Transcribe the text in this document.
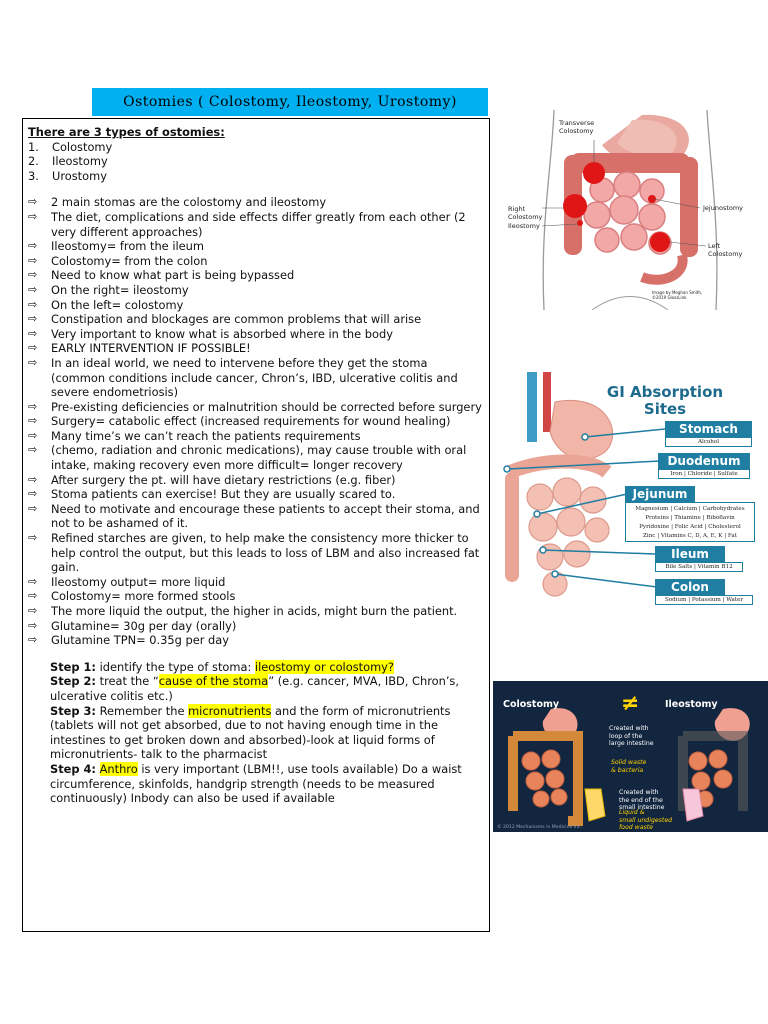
Ostomies ( Colostomy, Ileostomy, Urostomy)
There are 3 types of ostomies:
1.	Colostomy
2.	Ileostomy
3.	Urostomy
⇨	2 main stomas are the colostomy and ileostomy
⇨	The diet, complications and side effects differ greatly from each other (2 very different approaches)
⇨	Ileostomy= from the ileum
⇨	Colostomy= from the colon
⇨	Need to know what part is being bypassed
⇨	On the right= ileostomy
⇨	On the left= colostomy
⇨	Constipation and blockages are common problems that will arise
⇨	Very important to know what is absorbed where in the body
⇨	EARLY INTERVENTION IF POSSIBLE!
⇨	In an ideal world, we need to intervene before they get the stoma (common conditions include cancer, Chron’s, IBD, ulcerative colitis and severe endometriosis)
⇨	Pre-existing deficiencies or malnutrition should be corrected before surgery
⇨	Surgery= catabolic effect (increased requirements for wound healing)
⇨	Many time’s we can’t reach the patients requirements
⇨	(chemo, radiation and chronic medications), may cause trouble with oral intake, making recovery even more difficult= longer recovery
⇨	After surgery the pt. will have dietary restrictions (e.g. fiber)
⇨	Stoma patients can exercise! But they are usually scared to.
⇨	Need to motivate and encourage these patients to accept their stoma, and not to be ashamed of it.
⇨	Refined starches are given, to help make the consistency more thicker to help control the output, but this leads to loss of LBM and also increased fat gain.
⇨	Ileostomy output= more liquid
⇨	Colostomy= more formed stools
⇨	The more liquid the output, the higher in acids, might burn the patient.
⇨	Glutamine= 30g per day (orally)
⇨	Glutamine TPN= 0.35g per day
Step 1: identify the type of stoma: ileostomy or colostomy?
Step 2: treat the “cause of the stoma” (e.g. cancer, MVA, IBD, Chron’s, ulcerative colitis etc.)
Step 3: Remember the micronutrients and the form of micronutrients (tablets will not get absorbed, due to not having enough time in the intestines to get broken down and absorbed)-look at liquid forms of micronutrients- talk to the pharmacist
Step 4: Anthro is very important (LBM!!, use tools available) Do a waist circumference, skinfolds, handgrip strength (needs to be measured continuously) Inbody can also be used if available
Transverse
Colostomy
Right
Colostomy
Ileostomy
Jejunostomy
Left
Colostomy
Image by Meghan Smith,
©2019 GlossLink
GI Absorption
Sites
Stomach
Alcohol
Duodenum
Iron | Chloride | Sulfate
Jejunum
Magnesium | Calcium | Carbohydrates
Proteins | Thiamine | Riboflavin
Pyridoxine | Folic Acid | Cholesterol
Zinc | Vitamins C, D, A, E, K | Fat
Ileum
Bile Salts | Vitamin B12
Colon
Sodium | Potassium | Water
Colostomy	Ileostomy
≠
Created with
loop of the
large intestine
Solid waste
& bacteria
Created with
the end of the
small intestine
Liquid &
small undigested
food waste
© 2012 Mechanisms in Medicine Inc.
